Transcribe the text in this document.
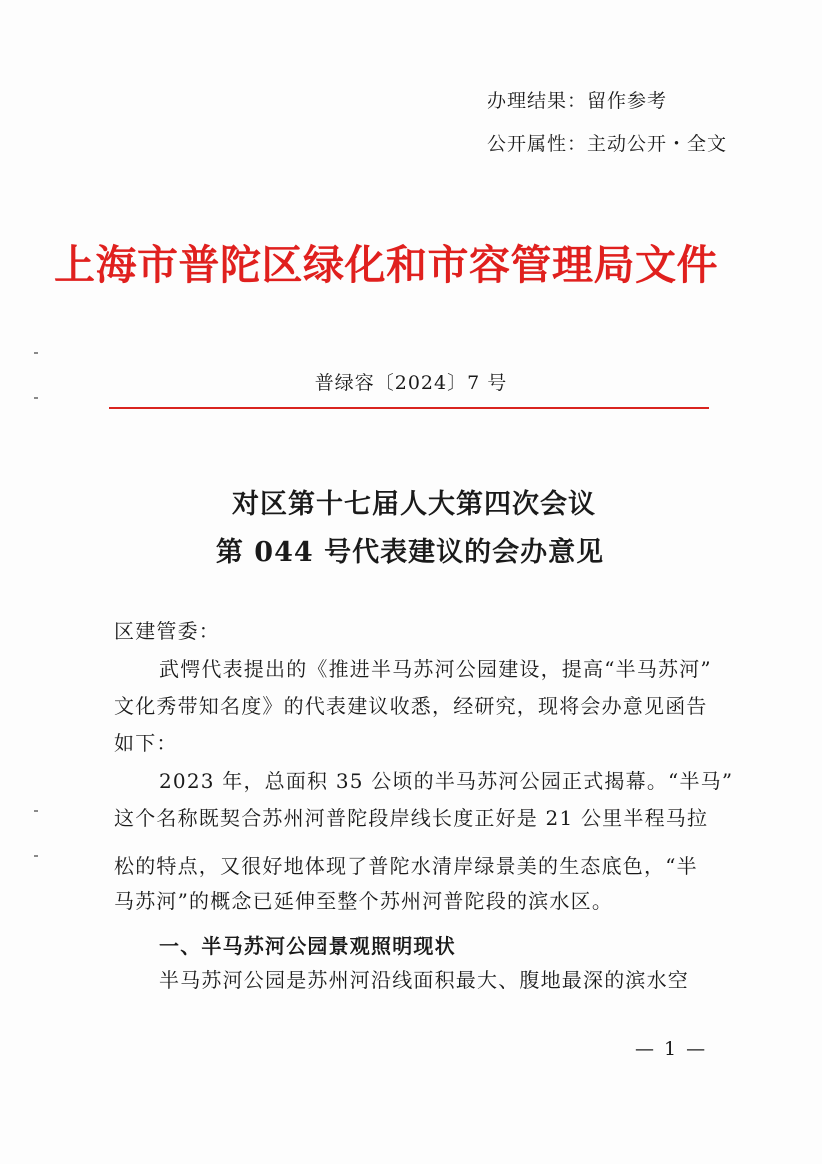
办理结果：留作参考
公开属性：主动公开・全文
上海市普陀区绿化和市容管理局文件
普绿容〔2024〕7 号
对区第十七届人大第四次会议
第 044 号代表建议的会办意见
区建管委：
武愕代表提出的《推进半马苏河公园建设，提高“半马苏河”
文化秀带知名度》的代表建议收悉，经研究，现将会办意见函告
如下：
2023 年，总面积 35 公顷的半马苏河公园正式揭幕。“半马”
这个名称既契合苏州河普陀段岸线长度正好是 21 公里半程马拉
松的特点，又很好地体现了普陀水清岸绿景美的生态底色，“半
马苏河”的概念已延伸至整个苏州河普陀段的滨水区。
一、半马苏河公园景观照明现状
半马苏河公园是苏州河沿线面积最大、腹地最深的滨水空
— 1 —
